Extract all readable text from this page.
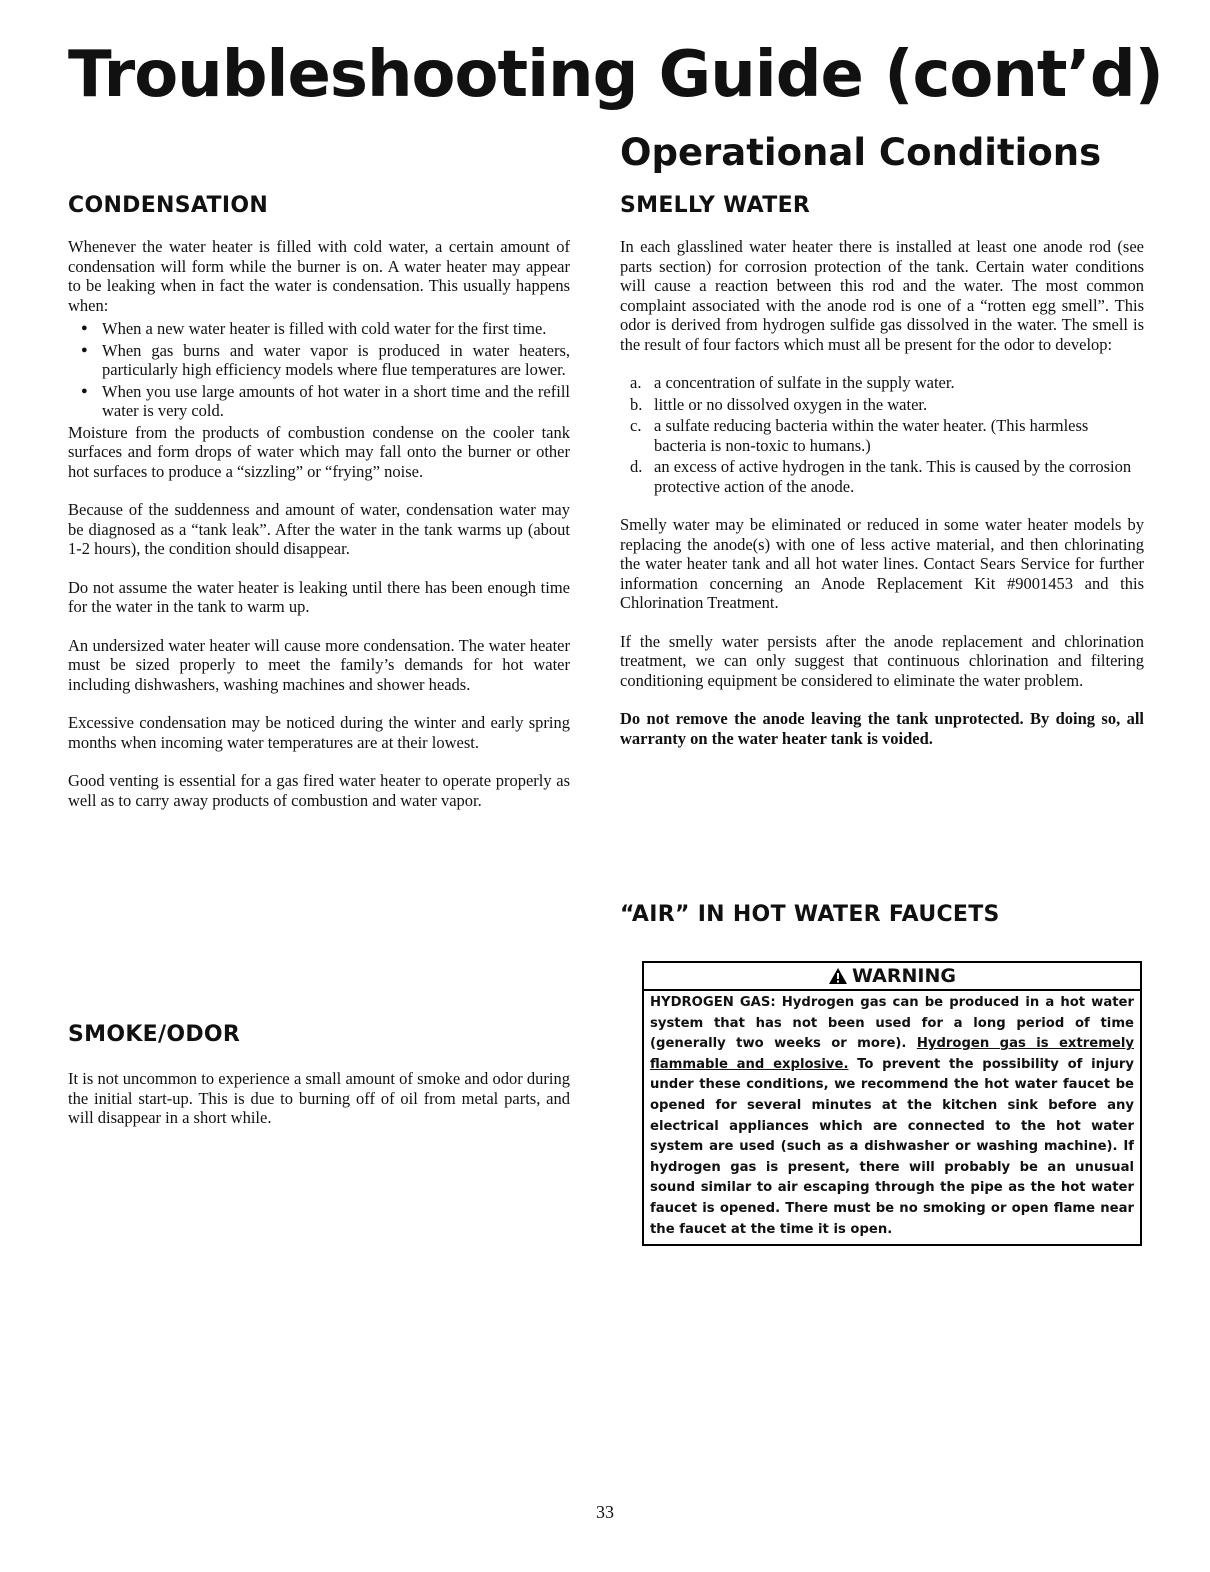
Troubleshooting Guide (cont’d)
CONDENSATION

Whenever the water heater is filled with cold water, a certain amount of condensation will form while the burner is on. A water heater may appear to be leaking when in fact the water is condensation. This usually happens when:

● When a new water heater is filled with cold water for the first time.
● When gas burns and water vapor is produced in water heaters, particularly high efficiency models where flue temperatures are lower.
● When you use large amounts of hot water in a short time and the refill water is very cold.

Moisture from the products of combustion condense on the cooler tank surfaces and form drops of water which may fall onto the burner or other hot surfaces to produce a “sizzling” or “frying” noise.

Because of the suddenness and amount of water, condensation water may be diagnosed as a “tank leak”. After the water in the tank warms up (about 1-2 hours), the condition should disappear.

Do not assume the water heater is leaking until there has been enough time for the water in the tank to warm up.

An undersized water heater will cause more condensation. The water heater must be sized properly to meet the family’s demands for hot water including dishwashers, washing machines and shower heads.

Excessive condensation may be noticed during the winter and early spring months when incoming water temperatures are at their lowest.

Good venting is essential for a gas fired water heater to operate properly as well as to carry away products of combustion and water vapor.

SMOKE/ODOR

It is not uncommon to experience a small amount of smoke and odor during the initial start-up. This is due to burning off of oil from metal parts, and will disappear in a short while.

Operational Conditions
SMELLY WATER

In each glasslined water heater there is installed at least one anode rod (see parts section) for corrosion protection of the tank. Certain water conditions will cause a reaction between this rod and the water. The most common complaint associated with the anode rod is one of a “rotten egg smell”. This odor is derived from hydrogen sulfide gas dissolved in the water. The smell is the result of four factors which must all be present for the odor to develop:

a. a concentration of sulfate in the supply water.
b. little or no dissolved oxygen in the water.
c. a sulfate reducing bacteria within the water heater. (This harmless bacteria is non-toxic to humans.)
d. an excess of active hydrogen in the tank. This is caused by the corrosion protective action of the anode.

Smelly water may be eliminated or reduced in some water heater models by replacing the anode(s) with one of less active material, and then chlorinating the water heater tank and all hot water lines. Contact Sears Service for further information concerning an Anode Replacement Kit #9001453 and this Chlorination Treatment.

If the smelly water persists after the anode replacement and chlorination treatment, we can only suggest that continuous chlorination and filtering conditioning equipment be considered to eliminate the water problem.

Do not remove the anode leaving the tank unprotected. By doing so, all warranty on the water heater tank is voided.

“AIR” IN HOT WATER FAUCETS
WARNING

HYDROGEN GAS: Hydrogen gas can be produced in a hot water system that has not been used for a long period of time (generally two weeks or more). Hydrogen gas is extremely flammable and explosive. To prevent the possibility of injury under these conditions, we recommend the hot water faucet be opened for several minutes at the kitchen sink before any electrical appliances which are connected to the hot water system are used (such as a dishwasher or washing machine). If hydrogen gas is present, there will probably be an unusual sound similar to air escaping through the pipe as the hot water faucet is opened. There must be no smoking or open flame near the faucet at the time it is open.

33
